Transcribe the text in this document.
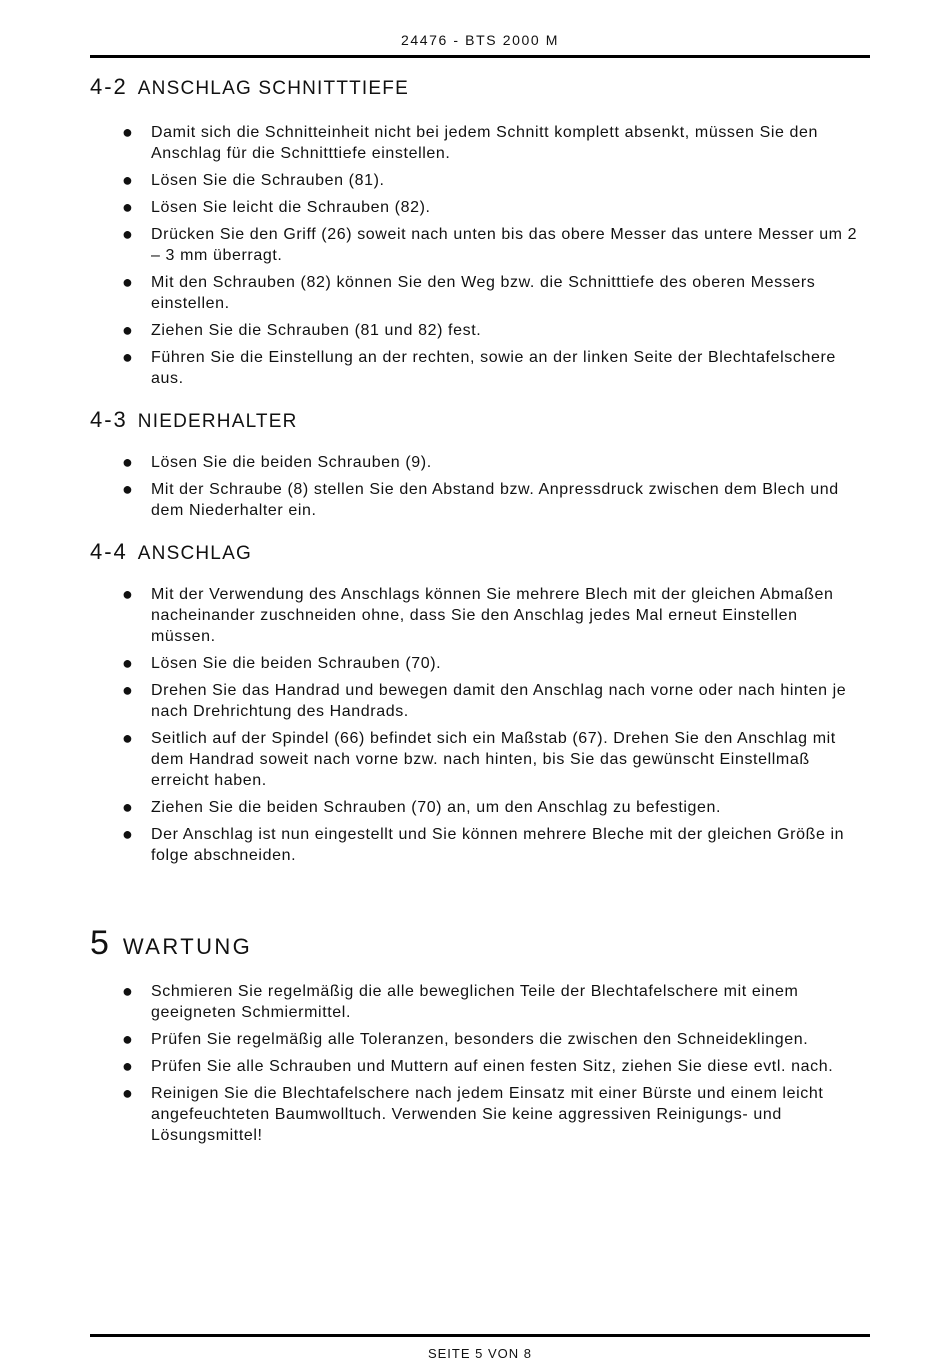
24476 - BTS 2000 M
4-2 ANSCHLAG SCHNITTTIEFE
● Damit sich die Schnitteinheit nicht bei jedem Schnitt komplett absenkt, müssen Sie den Anschlag für die Schnitttiefe einstellen.
● Lösen Sie die Schrauben (81).
● Lösen Sie leicht die Schrauben (82).
● Drücken Sie den Griff (26) soweit nach unten bis das obere Messer das untere Messer um 2 – 3 mm überragt.
● Mit den Schrauben (82) können Sie den Weg bzw. die Schnitttiefe des oberen Messers einstellen.
● Ziehen Sie die Schrauben (81 und 82) fest.
● Führen Sie die Einstellung an der rechten, sowie an der linken Seite der Blechtafelschere aus.
4-3 NIEDERHALTER
● Lösen Sie die beiden Schrauben (9).
● Mit der Schraube (8) stellen Sie den Abstand bzw. Anpressdruck zwischen dem Blech und dem Niederhalter ein.
4-4 ANSCHLAG
● Mit der Verwendung des Anschlags können Sie mehrere Blech mit der gleichen Abmaßen nacheinander zuschneiden ohne, dass Sie den Anschlag jedes Mal erneut Einstellen müssen.
● Lösen Sie die beiden Schrauben (70).
● Drehen Sie das Handrad und bewegen damit den Anschlag nach vorne oder nach hinten je nach Drehrichtung des Handrads.
● Seitlich auf der Spindel (66) befindet sich ein Maßstab (67). Drehen Sie den Anschlag mit dem Handrad soweit nach vorne bzw. nach hinten, bis Sie das gewünscht Einstellmaß erreicht haben.
● Ziehen Sie die beiden Schrauben (70) an, um den Anschlag zu befestigen.
● Der Anschlag ist nun eingestellt und Sie können mehrere Bleche mit der gleichen Größe in folge abschneiden.
5 WARTUNG
● Schmieren Sie regelmäßig die alle beweglichen Teile der Blechtafelschere mit einem geeigneten Schmiermittel.
● Prüfen Sie regelmäßig alle Toleranzen, besonders die zwischen den Schneideklingen.
● Prüfen Sie alle Schrauben und Muttern auf einen festen Sitz, ziehen Sie diese evtl. nach.
● Reinigen Sie die Blechtafelschere nach jedem Einsatz mit einer Bürste und einem leicht angefeuchteten Baumwolltuch. Verwenden Sie keine aggressiven Reinigungs- und Lösungsmittel!
SEITE 5 VON 8
